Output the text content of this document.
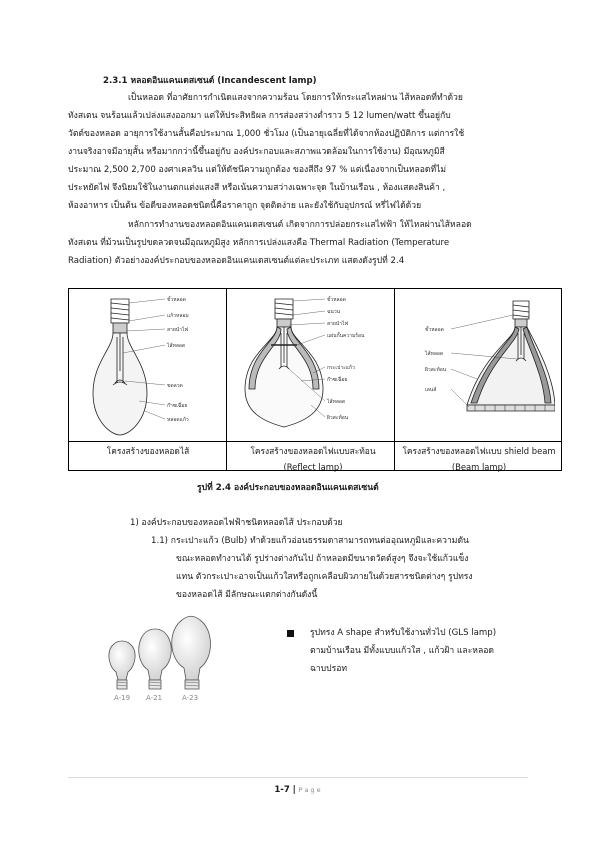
2.3.1 หลอดอินแคนเดสเซนต์ (Incandescent lamp)
เป็นหลอด ที่อาศัยการกำเนิดแสงจากความร้อน โดยการให้กระแสไหลผ่าน ไส้หลอดที่ทำด้วย
ทังสเตน จนร้อนแล้วเปล่งแสงออกมา แต่ให้ประสิทธิผล การส่องสว่างต่ำราว 5 12 lumen/watt ขึ้นอยู่กับ
วัตต์ของหลอด อายุการใช้งานสั้นคือประมาณ 1,000 ชั่วโมง (เป็นอายุเฉลี่ยที่ได้จากห้องปฏิบัติการ แต่การใช้
งานจริงอาจมีอายุสั้น หรือมากกว่านี้ขึ้นอยู่กับ องค์ประกอบและสภาพแวดล้อมในการใช้งาน) มีอุณหภูมิสี
ประมาณ 2,500 2,700 องศาเคลวิน แต่ให้ดัชนีความถูกต้อง ของสีถึง 97 % แต่เนื่องจากเป็นหลอดที่ไม่
ประหยัดไฟ จึงนิยมใช้ในงานตกแต่งแสงสี หรือเน้นความสว่างเฉพาะจุด ในบ้านเรือน , ห้องแสดงสินค้า ,
ห้องอาหาร เป็นต้น ข้อดีของหลอดชนิดนี้คือราคาถูก จุดติดง่าย และยังใช้กับอุปกรณ์ หรี่ไฟได้ด้วย
หลักการทำงานของหลอดอินแคนเดสเซนต์ เกิดจากการปล่อยกระแสไฟฟ้า ให้ไหลผ่านไส้หลอด
ทังสเตน ที่ม้วนเป็นรูปขดลวดจนมีอุณหภูมิสูง หลักการเปล่งแสงคือ Thermal Radiation (Temperature
Radiation) ตัวอย่างองค์ประกอบของหลอดอินแคนเดสเซนต์แต่ละประเภท แสดงดังรูปที่ 2.4
ขั้วหลอด
แก้วหลอม
สายนำไฟ
ไส้หลอด
ขดลวด
ก๊าซเฉื่อย
หลอดแก้ว
ขั้วหลอด
ฉนวน
สายนำไฟ
แผ่นกั้นความร้อน
กระเปาะแก้ว
ก๊าซเฉื่อย
ไส้หลอด
ผิวสะท้อน
ขั้วหลอด
ไส้หลอด
ผิวสะท้อน
เลนส์
โครงสร้างของหลอดไส้	โครงสร้างของหลอดไฟแบบสะท้อน (Reflect lamp)
โครงสร้างของหลอดไฟแบบ shield beam (Beam lamp)
รูปที่ 2.4 องค์ประกอบของหลอดอินแคนเดสเซนต์
1) องค์ประกอบของหลอดไฟฟ้าชนิดหลอดไส้ ประกอบด้วย
1.1) กระเปาะแก้ว (Bulb) ทำด้วยแก้วอ่อนธรรมดาสามารถทนต่ออุณหภูมิและความดัน
ขณะหลอดทำงานได้ รูปร่างต่างกันไป ถ้าหลอดมีขนาดวัตต์สูงๆ จึงจะใช้แก้วแข็ง
แทน ตัวกระเปาะอาจเป็นแก้วใสหรือถูกเคลือบผิวภายในด้วยสารชนิดต่างๆ รูปทรง
ของหลอดไส้ มีลักษณะแตกต่างกันดังนี้
A-19 A-21	A-23
รูปทรง A shape สำหรับใช้งานทั่วไป (GLS lamp)
ตามบ้านเรือน มีทั้งแบบแก้วใส , แก้วฝ้า และหลอด
ฉาบปรอท
1-7 | P a g e
